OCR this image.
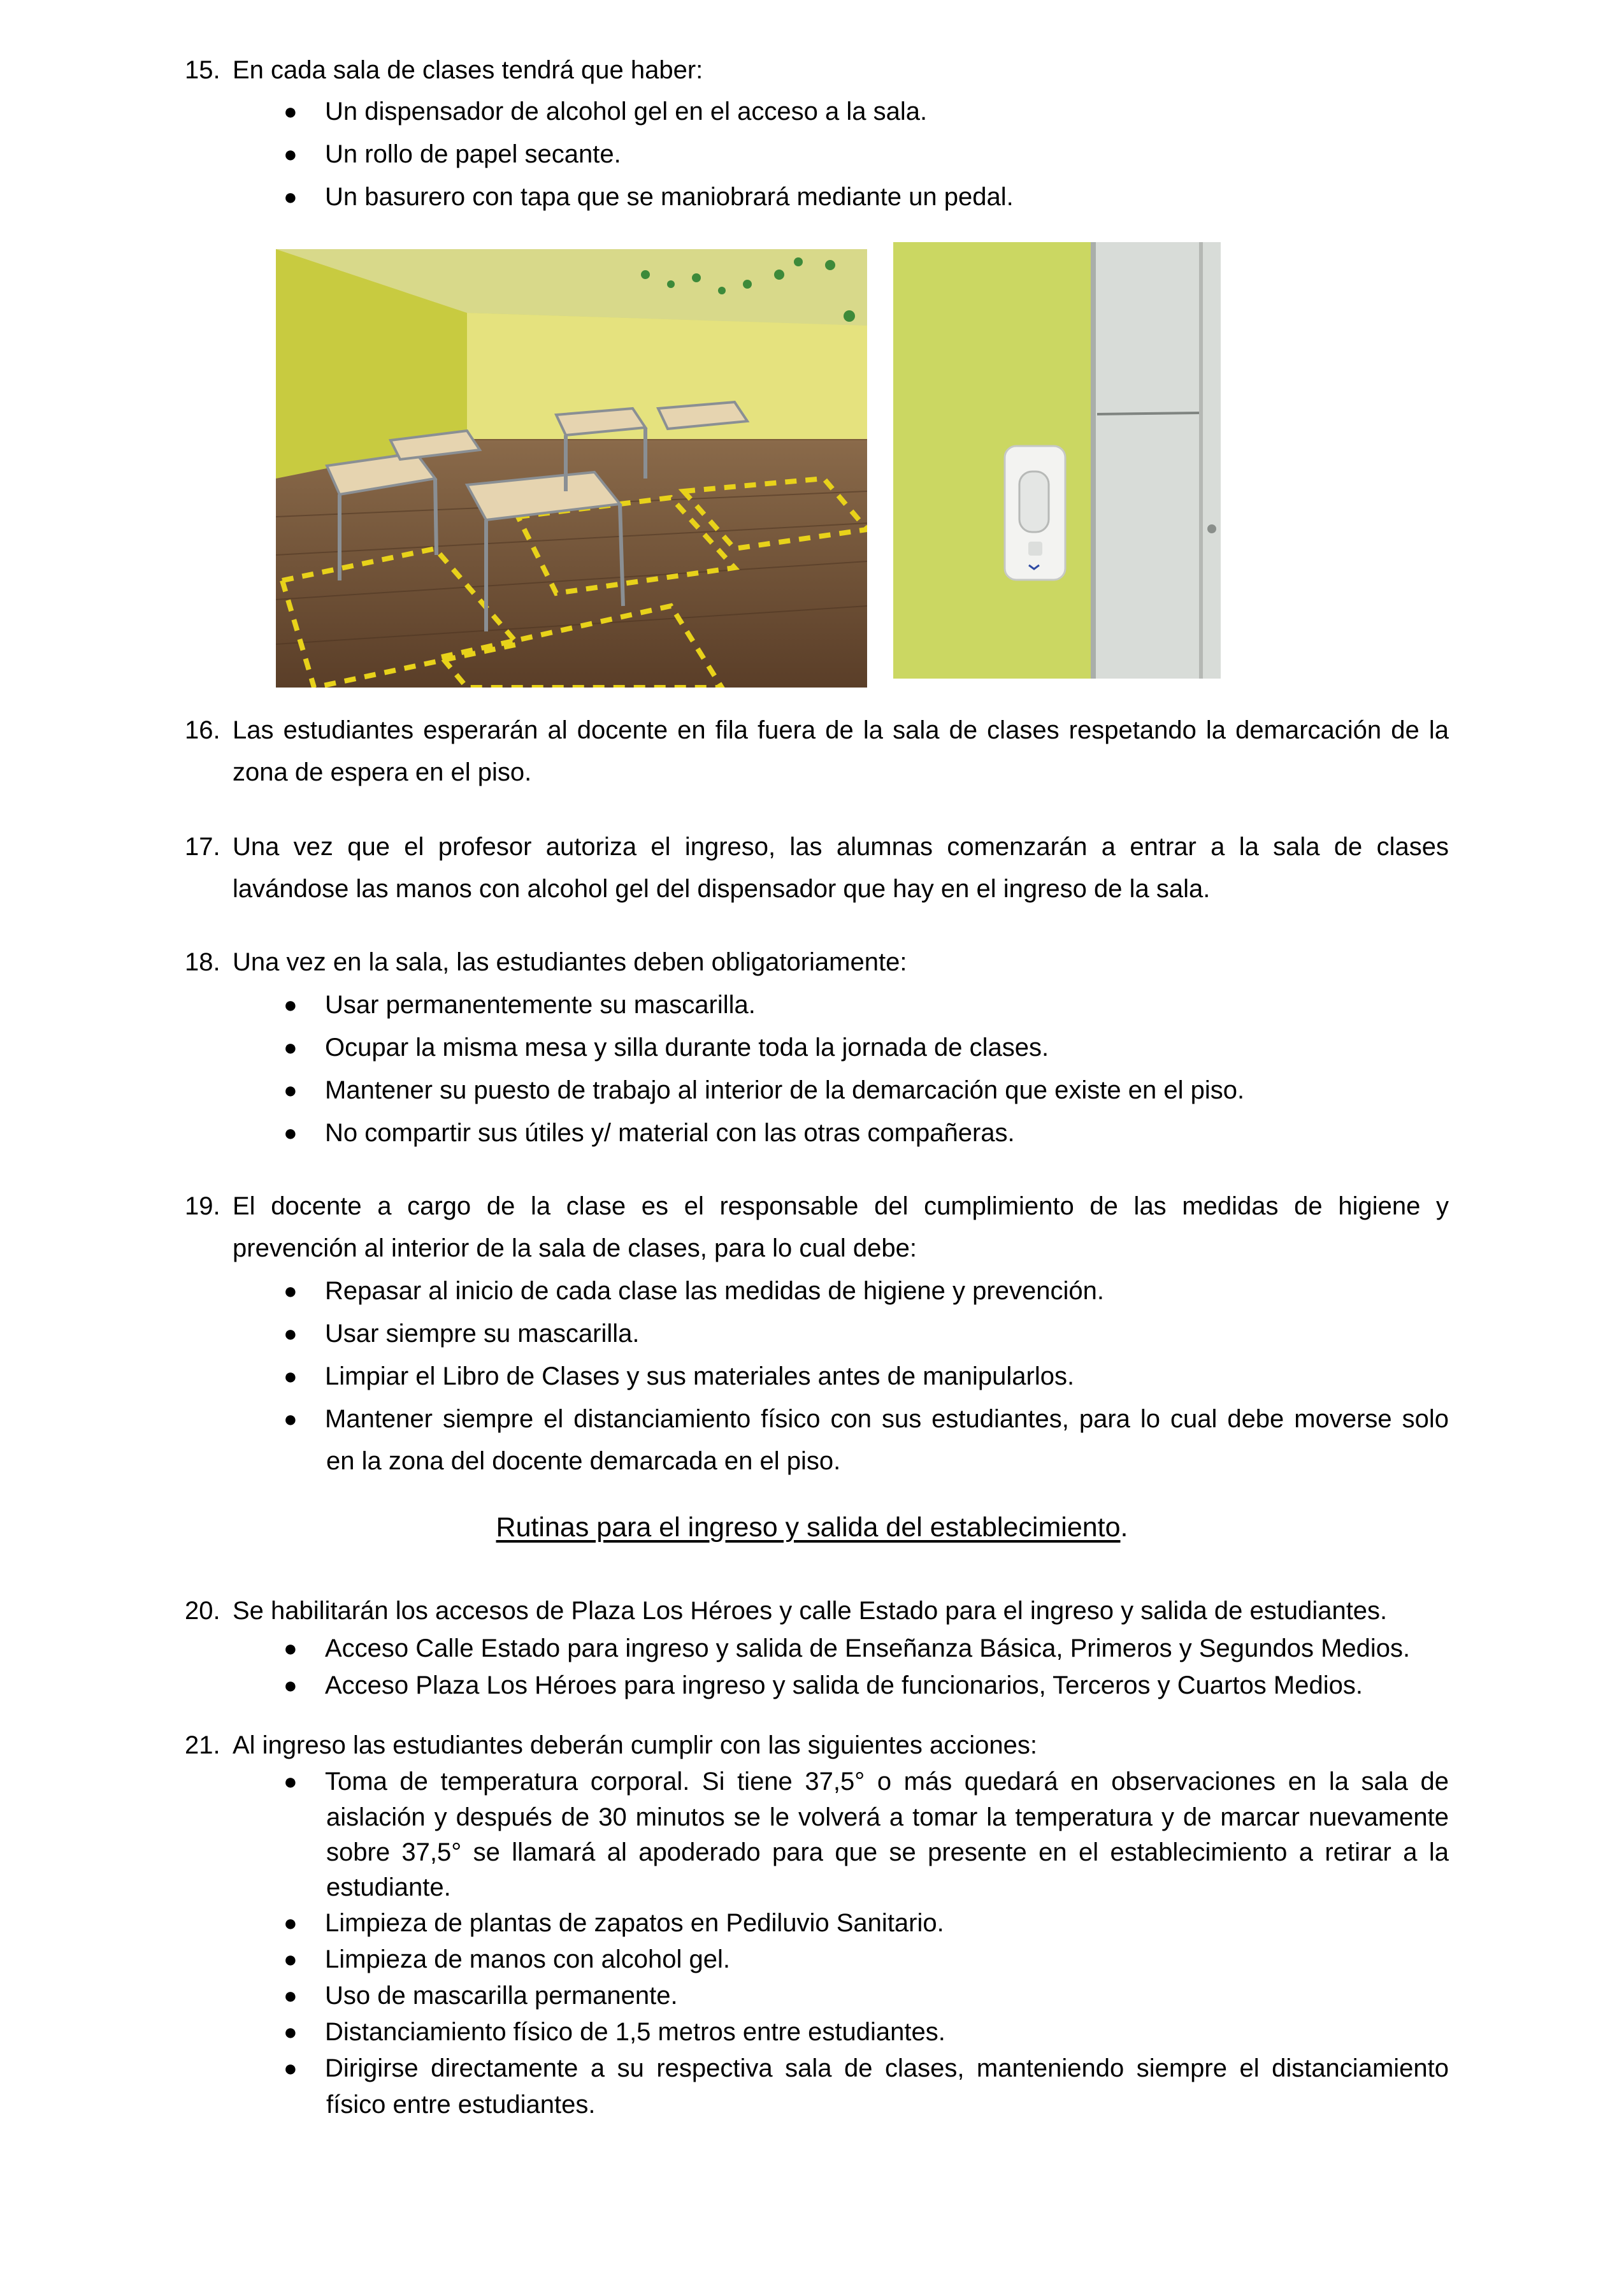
15. En cada sala de clases tendrá que haber:
● Un dispensador de alcohol gel en el acceso a la sala.
● Un rollo de papel secante.
● Un basurero con tapa que se maniobrará mediante un pedal.
16. Las estudiantes esperarán al docente en fila fuera de la sala de clases respetando la demarcación de la
zona de espera en el piso.
17. Una vez que el profesor autoriza el ingreso, las alumnas comenzarán a entrar a la sala de clases
lavándose las manos con alcohol gel del dispensador que hay en el ingreso de la sala.
18. Una vez en la sala, las estudiantes deben obligatoriamente:
● Usar permanentemente su mascarilla.
● Ocupar la misma mesa y silla durante toda la jornada de clases.
● Mantener su puesto de trabajo al interior de la demarcación que existe en el piso.
● No compartir sus útiles y/ material con las otras compañeras.
19. El docente a cargo de la clase es el responsable del cumplimiento de las medidas de higiene y
prevención al interior de la sala de clases, para lo cual debe:
● Repasar al inicio de cada clase las medidas de higiene y prevención.
● Usar siempre su mascarilla.
● Limpiar el Libro de Clases y sus materiales antes de manipularlos.
● Mantener siempre el distanciamiento físico con sus estudiantes, para lo cual debe moverse solo
en la zona del docente demarcada en el piso.
Rutinas para el ingreso y salida del establecimiento.
20. Se habilitarán los accesos de Plaza Los Héroes y calle Estado para el ingreso y salida de estudiantes.
● Acceso Calle Estado para ingreso y salida de Enseñanza Básica, Primeros y Segundos Medios.
● Acceso Plaza Los Héroes para ingreso y salida de funcionarios, Terceros y Cuartos Medios.
21. Al ingreso las estudiantes deberán cumplir con las siguientes acciones:
● Toma de temperatura corporal. Si tiene 37,5° o más quedará en observaciones en la sala de
aislación y después de 30 minutos se le volverá a tomar la temperatura y de marcar nuevamente
sobre 37,5° se llamará al apoderado para que se presente en el establecimiento a retirar a la
estudiante.
● Limpieza de plantas de zapatos en Pediluvio Sanitario.
● Limpieza de manos con alcohol gel.
● Uso de mascarilla permanente.
● Distanciamiento físico de 1,5 metros entre estudiantes.
● Dirigirse directamente a su respectiva sala de clases, manteniendo siempre el distanciamiento
físico entre estudiantes.
